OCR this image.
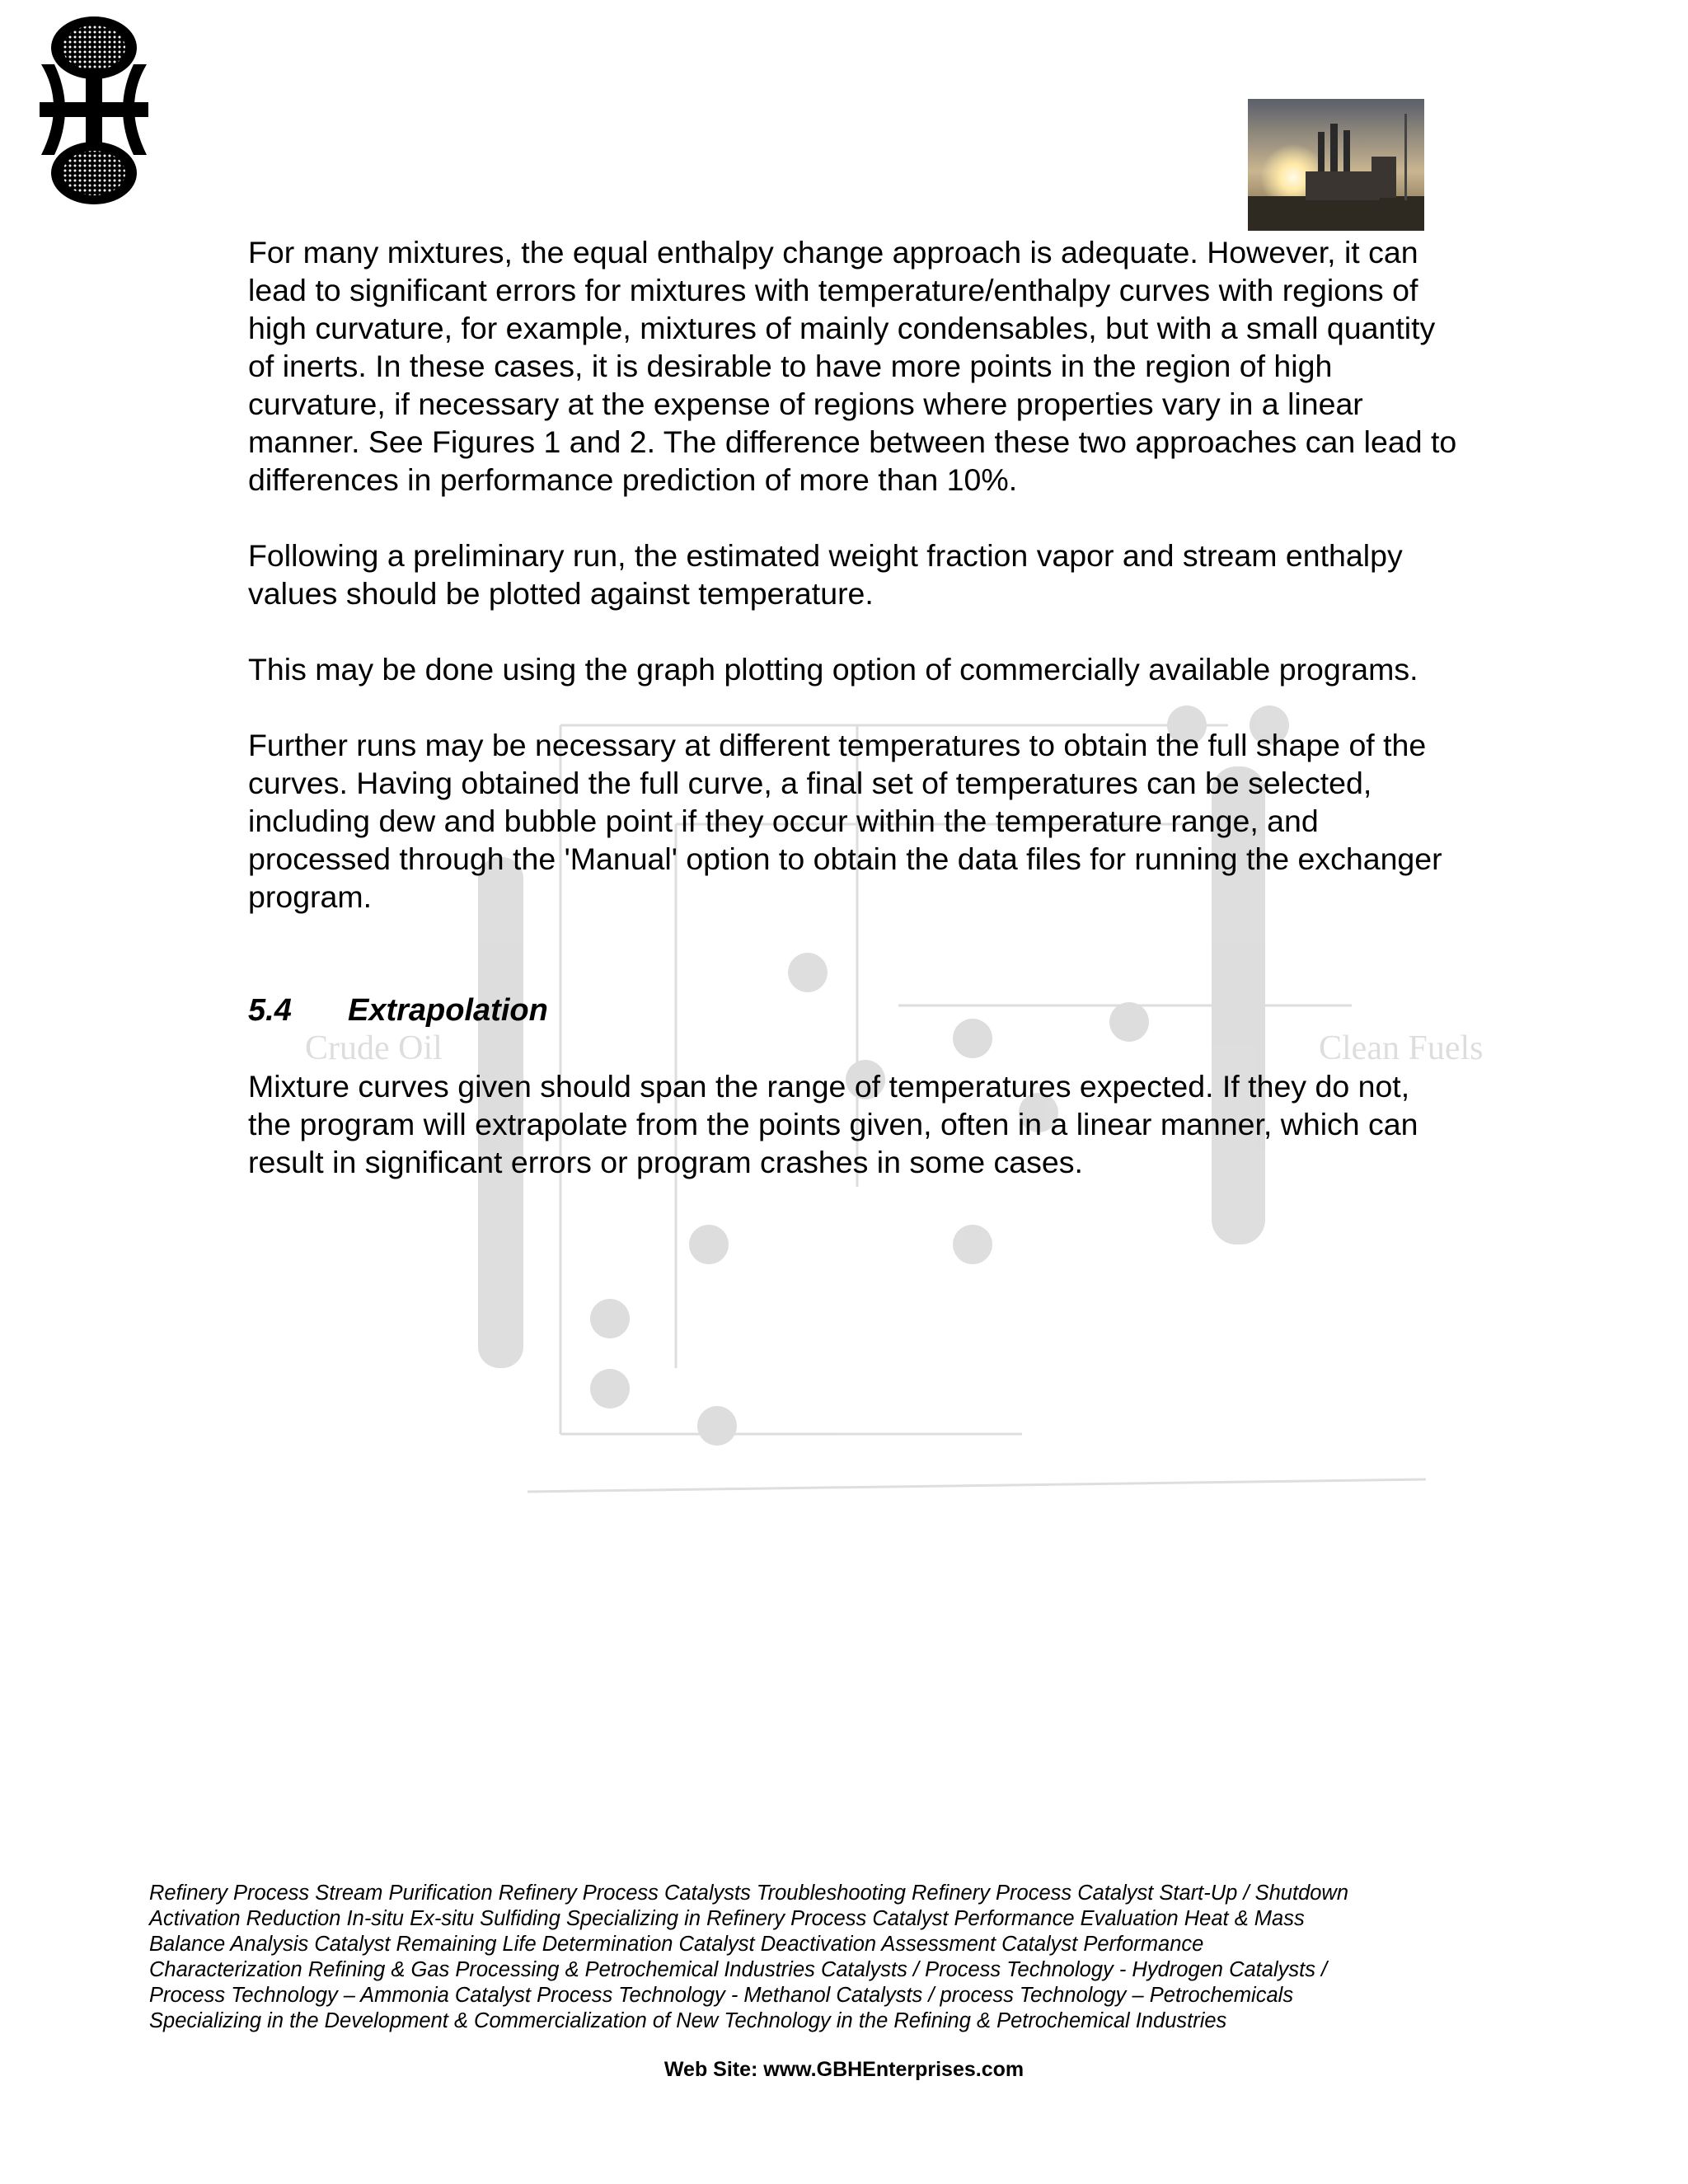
Crude Oil	Clean Fuels

For many mixtures, the equal enthalpy change approach is adequate. However, it can lead to significant errors for mixtures with temperature/enthalpy curves with regions of high curvature, for example, mixtures of mainly condensables, but with a small quantity of inerts. In these cases, it is desirable to have more points in the region of high curvature, if necessary at the expense of regions where properties vary in a linear manner. See Figures 1 and 2. The difference between these two approaches can lead to differences in performance prediction of more than 10%.

Following a preliminary run, the estimated weight fraction vapor and stream enthalpy values should be plotted against temperature.

This may be done using the graph plotting option of commercially available programs.

Further runs may be necessary at different temperatures to obtain the full shape of the curves. Having obtained the full curve, a final set of temperatures can be selected, including dew and bubble point if they occur within the temperature range, and processed through the 'Manual' option to obtain the data files for running the exchanger program.

5.4 Extrapolation

Mixture curves given should span the range of temperatures expected. If they do not, the program will extrapolate from the points given, often in a linear manner, which can result in significant errors or program crashes in some cases.

Refinery Process Stream Purification Refinery Process Catalysts Troubleshooting Refinery Process Catalyst Start-Up / Shutdown
Activation Reduction In-situ Ex-situ Sulfiding Specializing in Refinery Process Catalyst Performance Evaluation Heat & Mass
Balance Analysis Catalyst Remaining Life Determination Catalyst Deactivation Assessment Catalyst Performance
Characterization Refining & Gas Processing & Petrochemical Industries Catalysts / Process Technology - Hydrogen Catalysts /
Process Technology – Ammonia Catalyst Process Technology - Methanol Catalysts / process Technology – Petrochemicals
Specializing in the Development & Commercialization of New Technology in the Refining & Petrochemical Industries
Web Site: www.GBHEnterprises.com
